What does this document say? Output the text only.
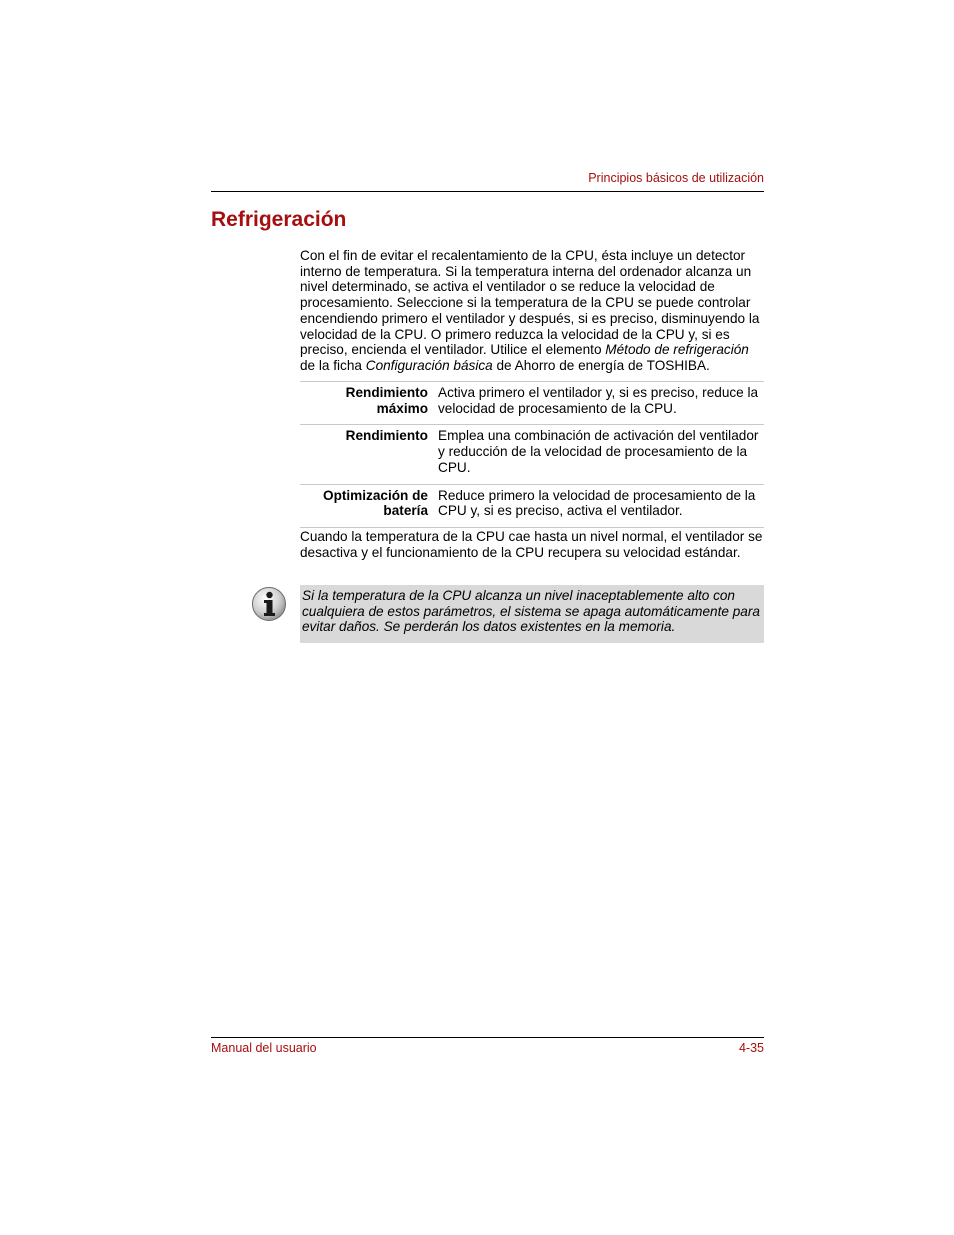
Principios básicos de utilización
Refrigeración

Con el fin de evitar el recalentamiento de la CPU, ésta incluye un detector interno de temperatura. Si la temperatura interna del ordenador alcanza un nivel determinado, se activa el ventilador o se reduce la velocidad de procesamiento. Seleccione si la temperatura de la CPU se puede controlar encendiendo primero el ventilador y después, si es preciso, disminuyendo la velocidad de la CPU. O primero reduzca la velocidad de la CPU y, si es preciso, encienda el ventilador. Utilice el elemento Método de refrigeración de la ficha Configuración básica de Ahorro de energía de TOSHIBA.

Rendimiento máximo	Activa primero el ventilador y, si es preciso, reduce la velocidad de procesamiento de la CPU.
Rendimiento	Emplea una combinación de activación del ventilador y reducción de la velocidad de procesamiento de la CPU.
Optimización de batería	Reduce primero la velocidad de procesamiento de la CPU y, si es preciso, activa el ventilador.

Cuando la temperatura de la CPU cae hasta un nivel normal, el ventilador se desactiva y el funcionamiento de la CPU recupera su velocidad estándar.

Si la temperatura de la CPU alcanza un nivel inaceptablemente alto con cualquiera de estos parámetros, el sistema se apaga automáticamente para evitar daños. Se perderán los datos existentes en la memoria.

Manual del usuario	4-35
